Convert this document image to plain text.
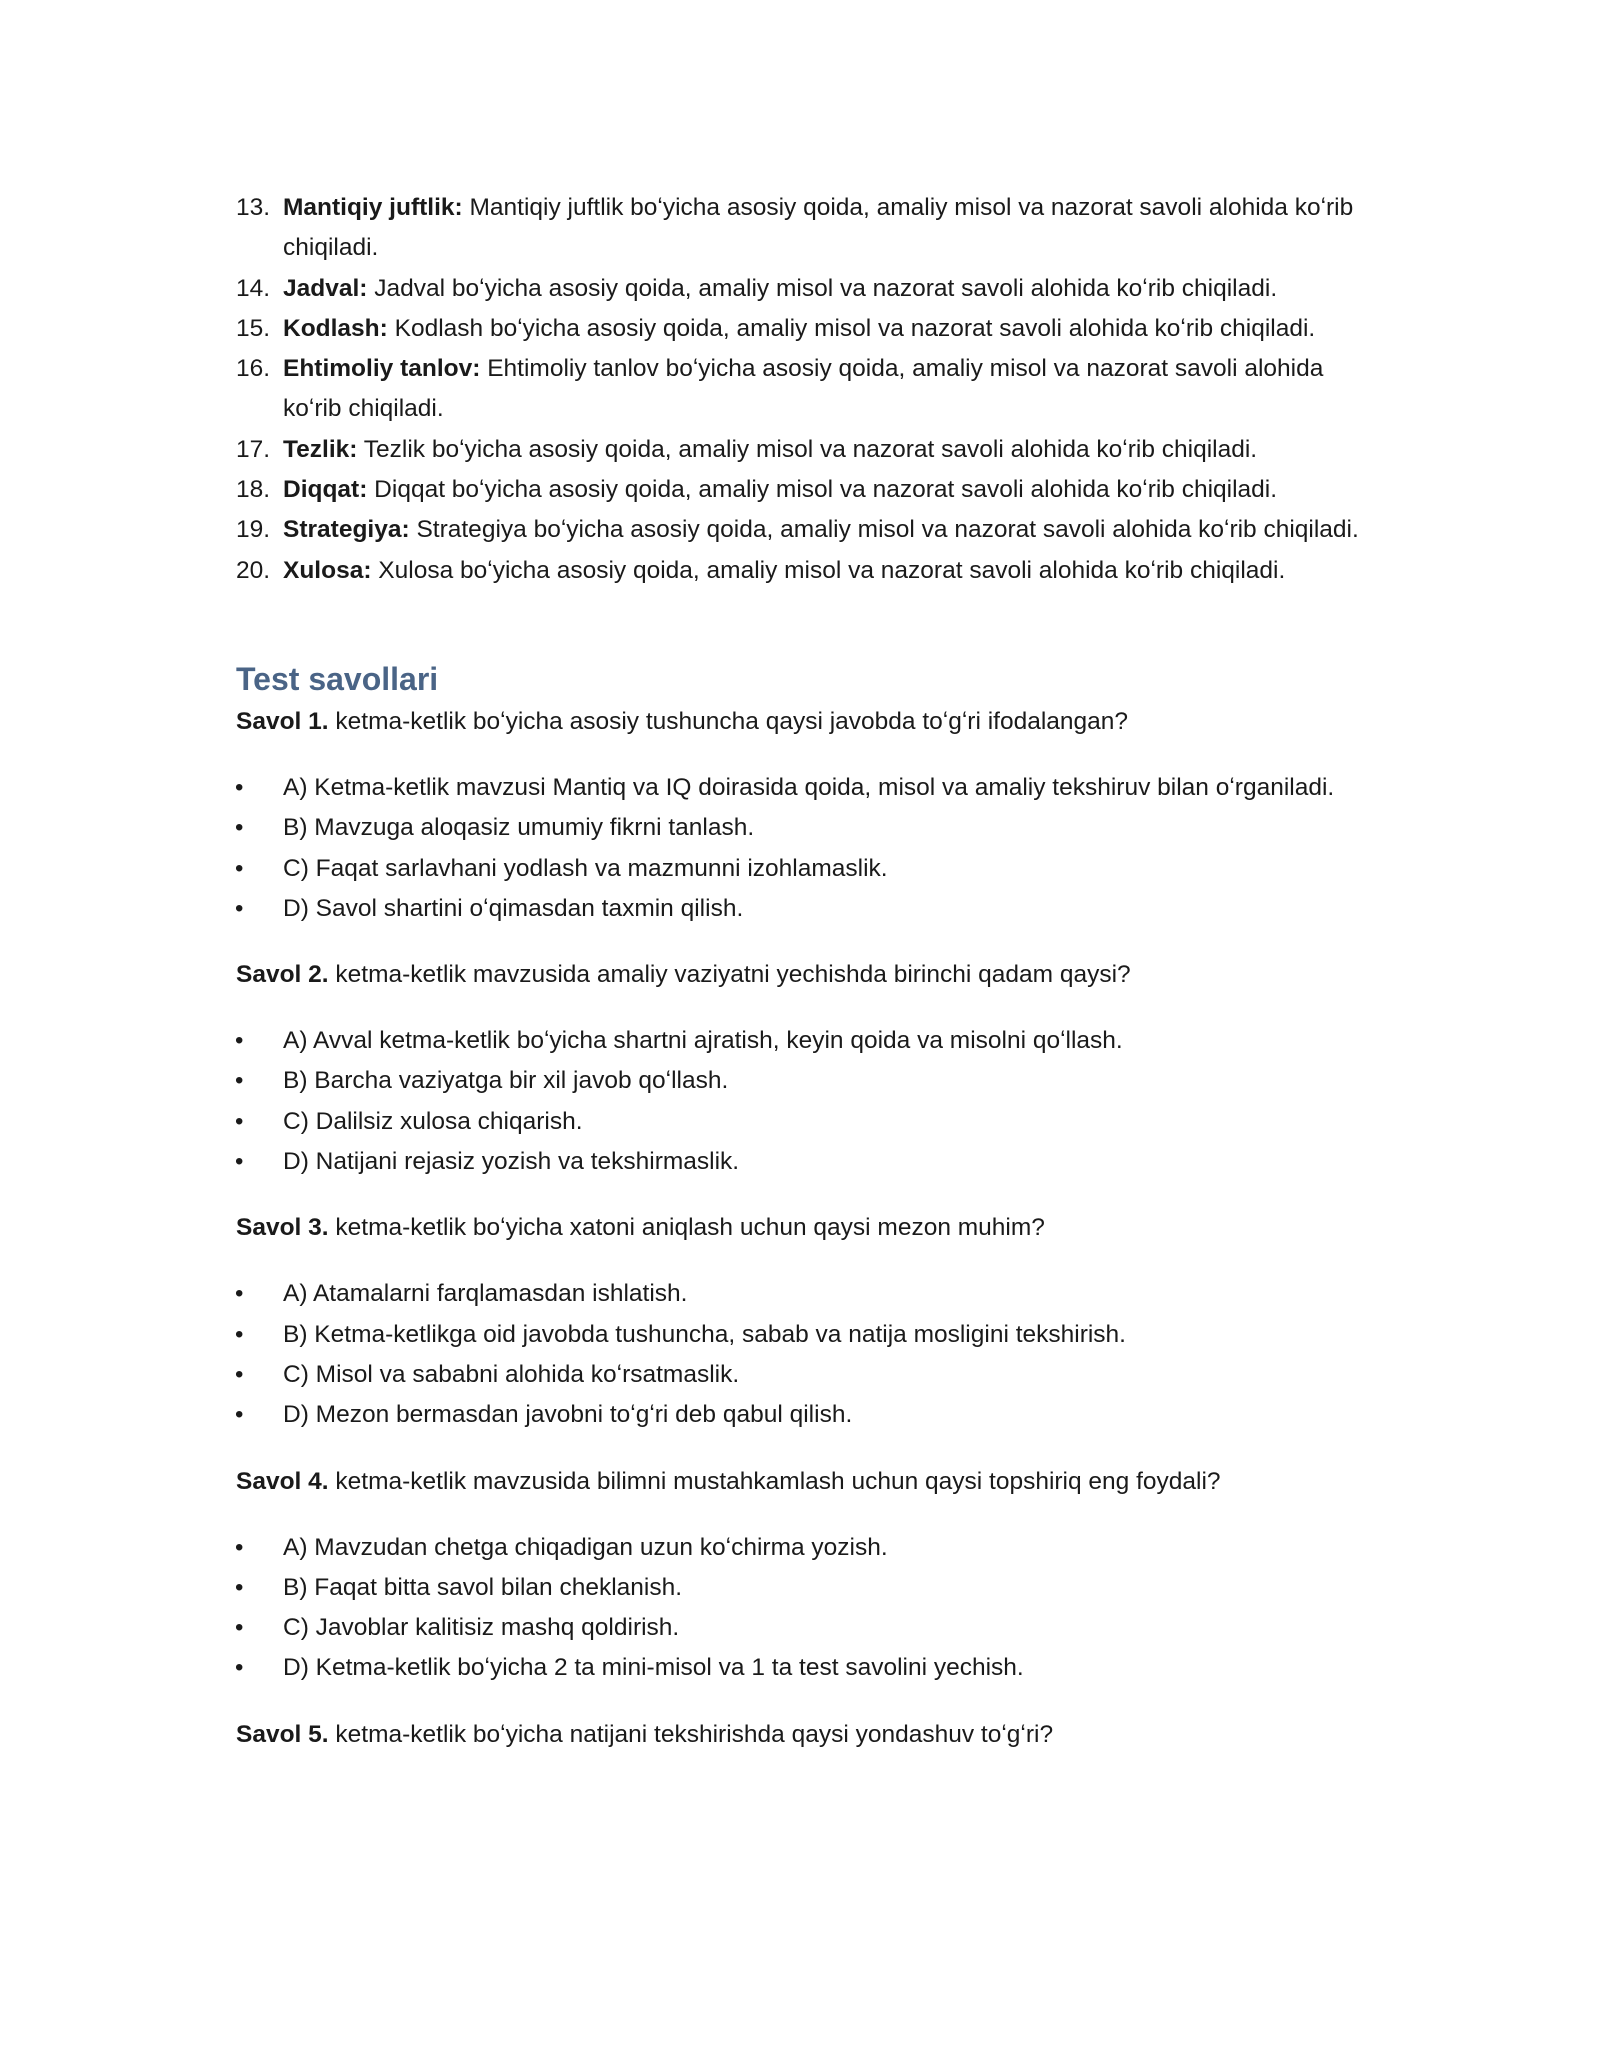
13. Mantiqiy juftlik: Mantiqiy juftlik boʻyicha asosiy qoida, amaliy misol va nazorat savoli alohida koʻrib chiqiladi.
14. Jadval: Jadval boʻyicha asosiy qoida, amaliy misol va nazorat savoli alohida koʻrib chiqiladi.
15. Kodlash: Kodlash boʻyicha asosiy qoida, amaliy misol va nazorat savoli alohida koʻrib chiqiladi.
16. Ehtimoliy tanlov: Ehtimoliy tanlov boʻyicha asosiy qoida, amaliy misol va nazorat savoli alohida koʻrib chiqiladi.
17. Tezlik: Tezlik boʻyicha asosiy qoida, amaliy misol va nazorat savoli alohida koʻrib chiqiladi.
18. Diqqat: Diqqat boʻyicha asosiy qoida, amaliy misol va nazorat savoli alohida koʻrib chiqiladi.
19. Strategiya: Strategiya boʻyicha asosiy qoida, amaliy misol va nazorat savoli alohida koʻrib chiqiladi.
20. Xulosa: Xulosa boʻyicha asosiy qoida, amaliy misol va nazorat savoli alohida koʻrib chiqiladi.
Test savollari

Savol 1. ketma-ketlik boʻyicha asosiy tushuncha qaysi javobda toʻgʻri ifodalangan?

• A) Ketma-ketlik mavzusi Mantiq va IQ doirasida qoida, misol va amaliy tekshiruv bilan oʻrganiladi.
• B) Mavzuga aloqasiz umumiy fikrni tanlash.
• C) Faqat sarlavhani yodlash va mazmunni izohlamaslik.
• D) Savol shartini oʻqimasdan taxmin qilish.

Savol 2. ketma-ketlik mavzusida amaliy vaziyatni yechishda birinchi qadam qaysi?

• A) Avval ketma-ketlik boʻyicha shartni ajratish, keyin qoida va misolni qoʻllash.
• B) Barcha vaziyatga bir xil javob qoʻllash.
• C) Dalilsiz xulosa chiqarish.
• D) Natijani rejasiz yozish va tekshirmaslik.

Savol 3. ketma-ketlik boʻyicha xatoni aniqlash uchun qaysi mezon muhim?

• A) Atamalarni farqlamasdan ishlatish.
• B) Ketma-ketlikga oid javobda tushuncha, sabab va natija mosligini tekshirish.
• C) Misol va sababni alohida koʻrsatmaslik.
• D) Mezon bermasdan javobni toʻgʻri deb qabul qilish.

Savol 4. ketma-ketlik mavzusida bilimni mustahkamlash uchun qaysi topshiriq eng foydali?

• A) Mavzudan chetga chiqadigan uzun koʻchirma yozish.
• B) Faqat bitta savol bilan cheklanish.
• C) Javoblar kalitisiz mashq qoldirish.
• D) Ketma-ketlik boʻyicha 2 ta mini-misol va 1 ta test savolini yechish.

Savol 5. ketma-ketlik boʻyicha natijani tekshirishda qaysi yondashuv toʻgʻri?
